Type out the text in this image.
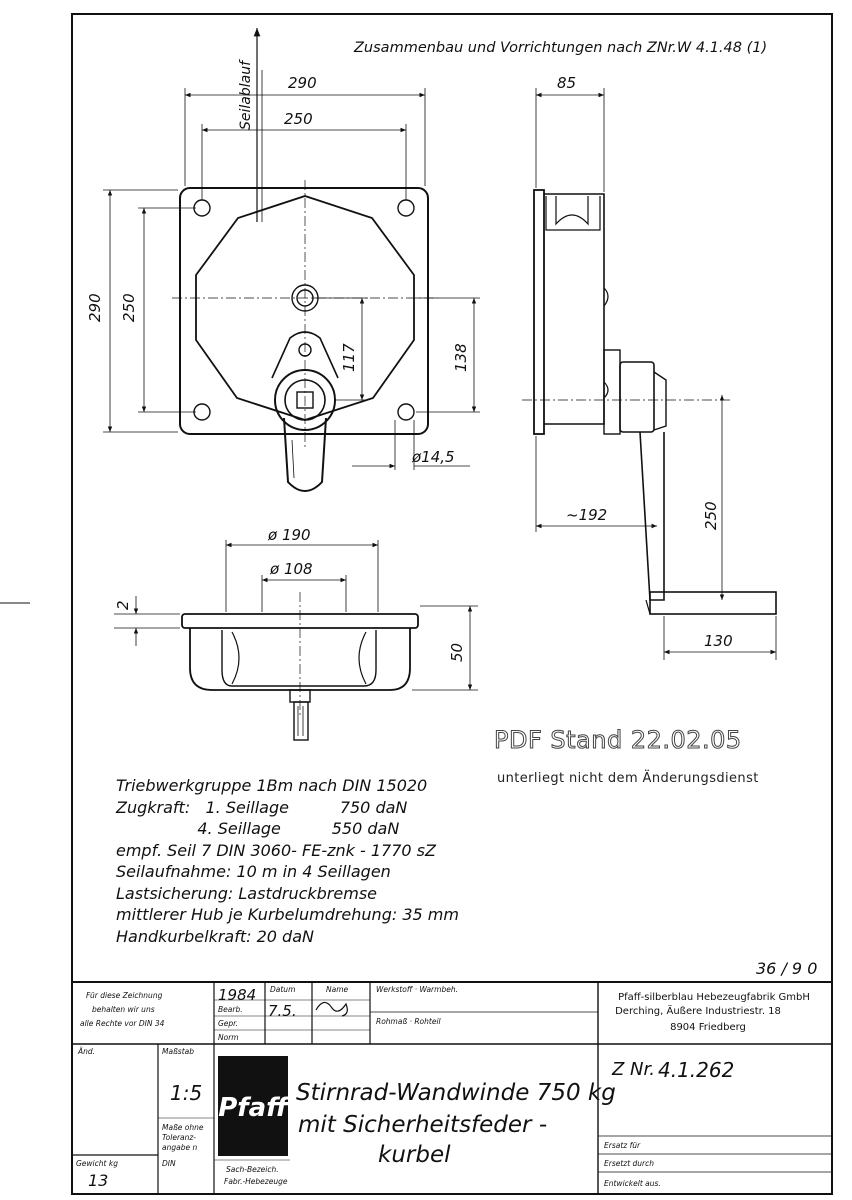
Zusammenbau und Vorrichtungen nach ZNr.W 4.1.48 (1)
290
250
290 250
117	138
ø14,5
Seilablauf	85
~192	250
130
ø 190
ø 108
2
50
36 / 9 0
Pfaff
Für diese Zeichnung
behalten wir uns
alle Rechte vor DIN 34
Datum	Name
Bearb.
Gepr.
Norm
Werkstoff · Warmbeh.
Rohmaß · Rohteil
Änd.	Maßstab
Maße ohne
Toleranz-
angabe n
DIN
Gewicht kg
Sach-Bezeich.
Fabr.-Hebezeuge
Ersatz für
Ersetzt durch
Entwickelt aus.
1984
7.5.
1:5
13
Z Nr. 4.1.262
Pfaff-silberblau Hebezeugfabrik GmbH
Derching, Äußere Industriestr. 18
8904 Friedberg
Stirnrad-Wandwinde 750 kg
mit Sicherheitsfeder -
kurbel
PDF Stand 22.02.05
unterliegt nicht dem Änderungsdienst
Triebwerkgruppe 1Bm nach DIN 15020
Zugkraft:   1. Seillage          750 daN
4. Seillage          550 daN
empf. Seil 7 DIN 3060- FE-znk - 1770 sZ
Seilaufnahme: 10 m in 4 Seillagen
Lastsicherung: Lastdruckbremse
mittlerer Hub je Kurbelumdrehung: 35 mm
Handkurbelkraft: 20 daN
